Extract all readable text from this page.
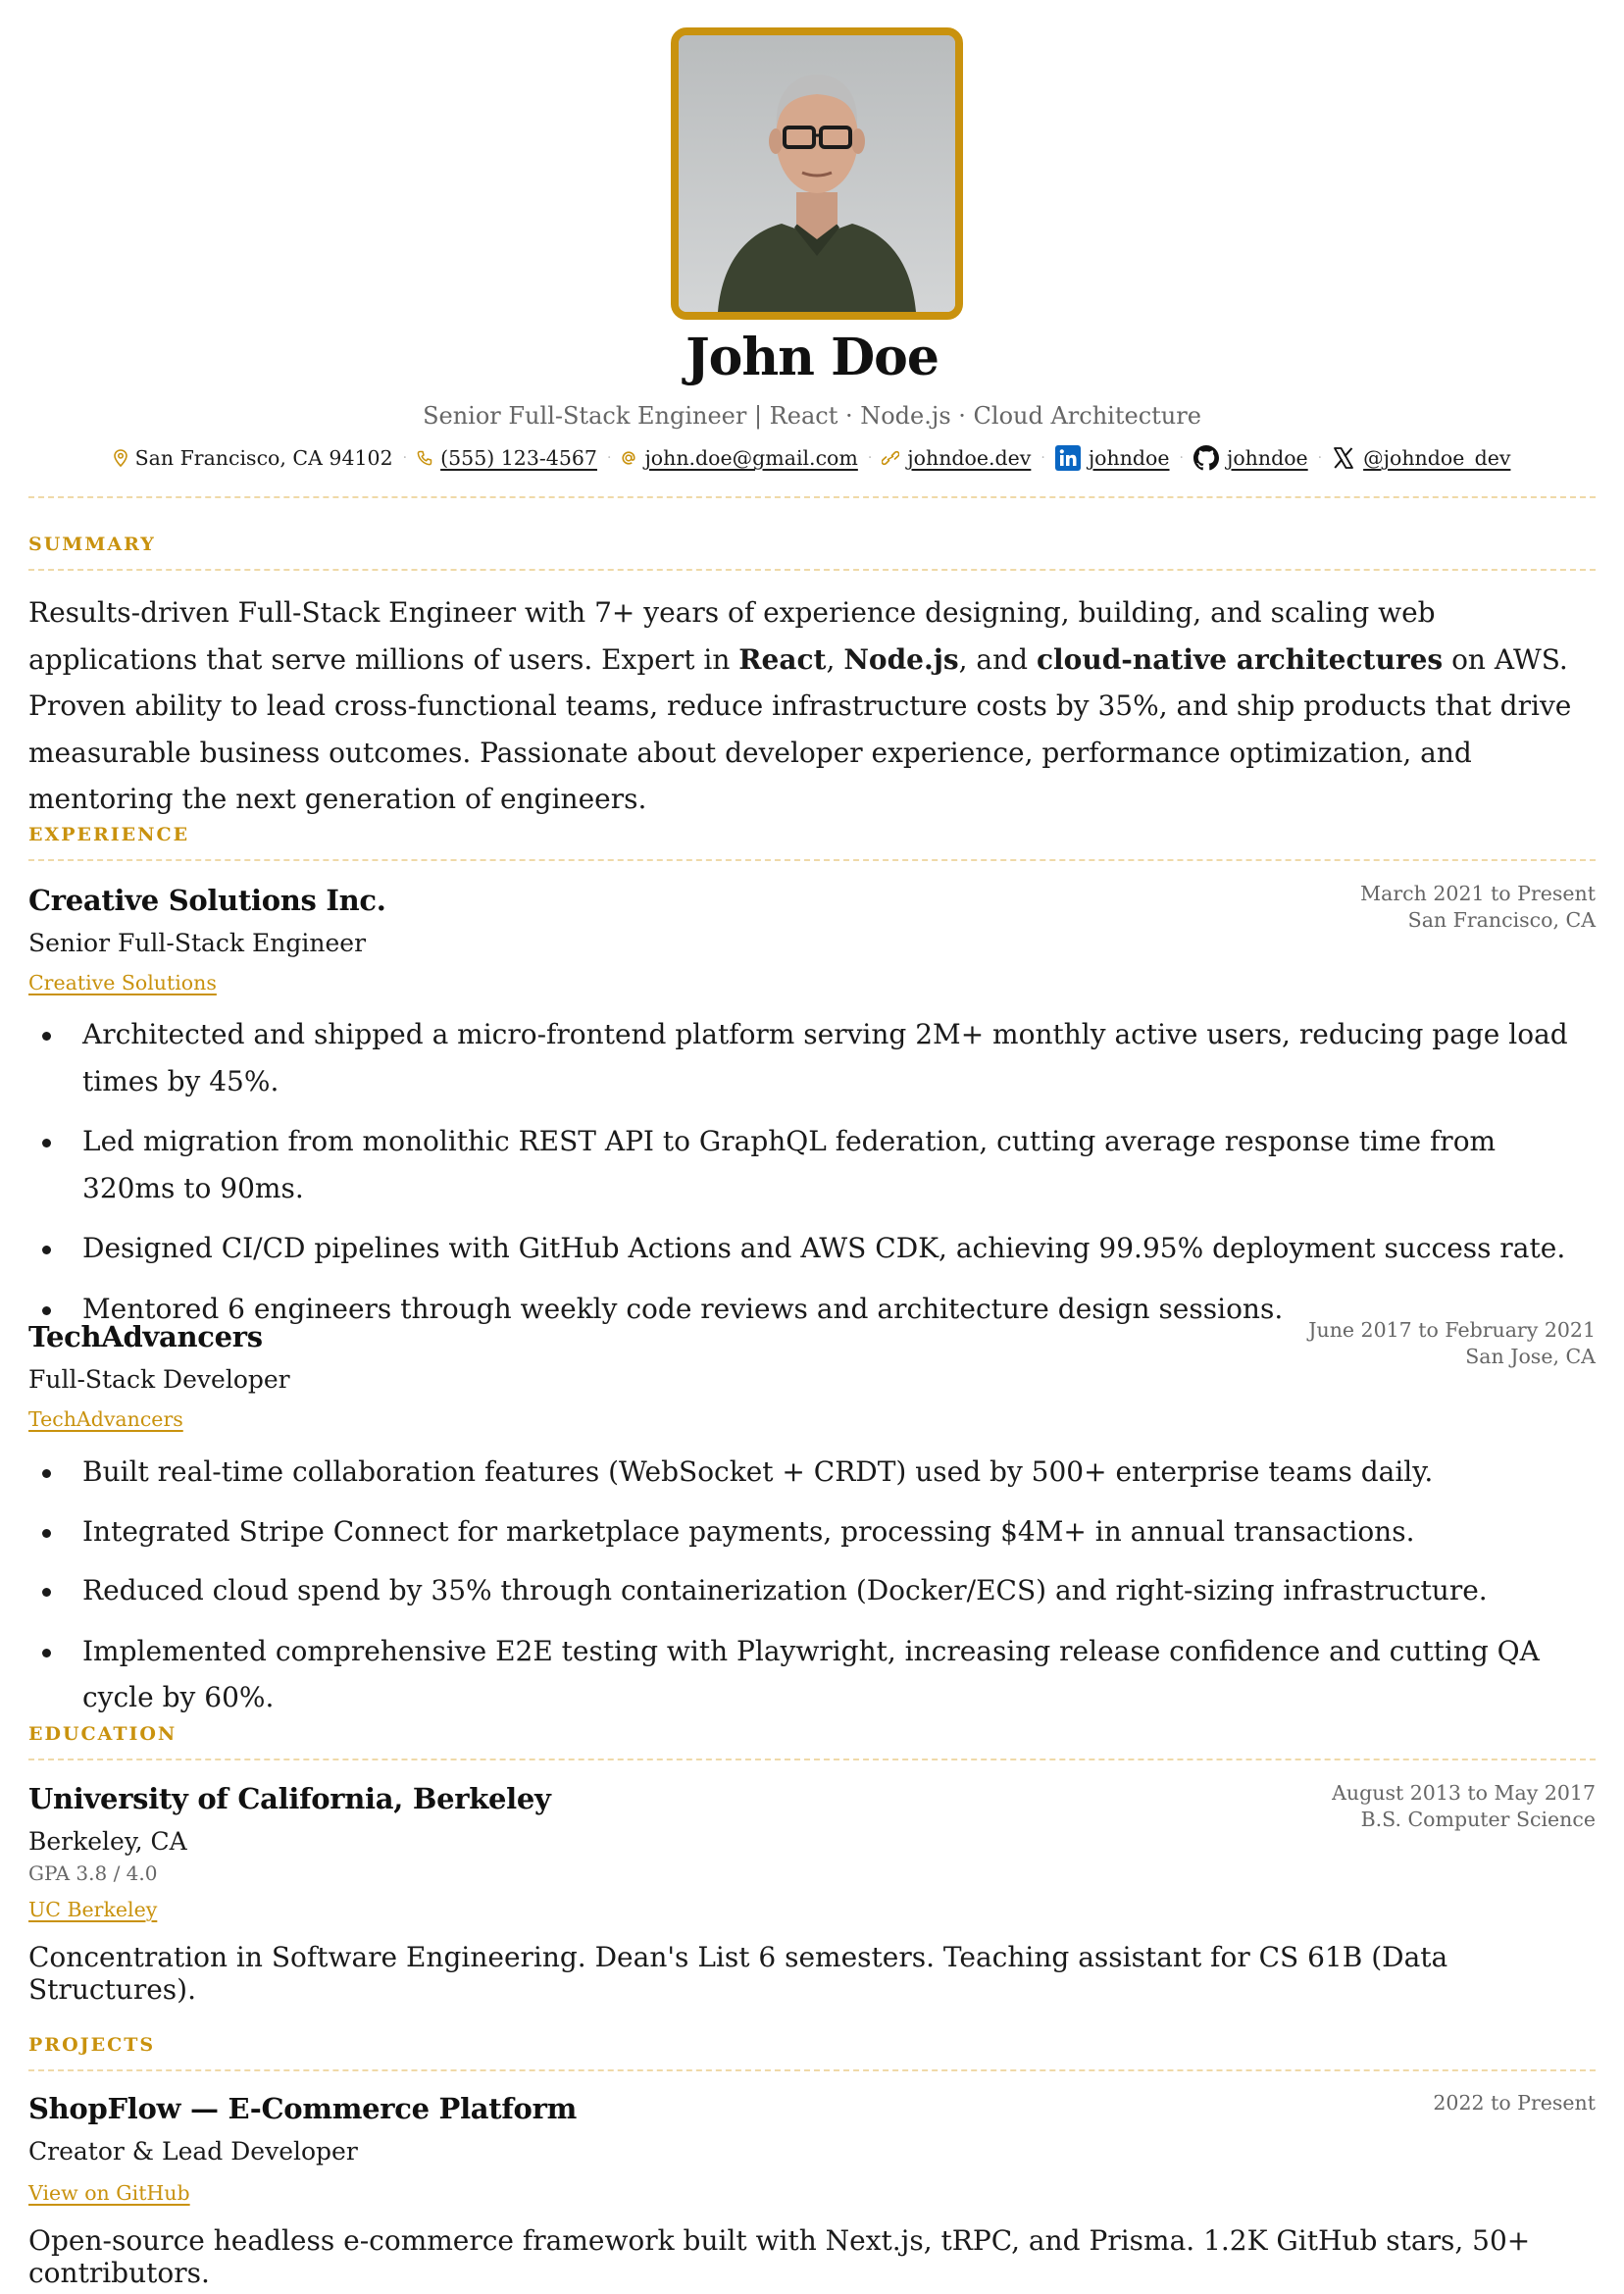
John Doe
Senior Full-Stack Engineer | React · Node.js · Cloud Architecture
San Francisco, CA 94102 · (555) 123-4567 · john.doe@gmail.com · johndoe.dev · johndoe · johndoe · @johndoe_dev
SUMMARY
Results-driven Full-Stack Engineer with 7+ years of experience designing, building, and scaling web applications that serve millions of users. Expert in React, Node.js, and cloud-native architectures on AWS. Proven ability to lead cross-functional teams, reduce infrastructure costs by 35%, and ship products that drive measurable business outcomes. Passionate about developer experience, performance optimization, and mentoring the next generation of engineers.
EXPERIENCE
Creative Solutions Inc.	March 2021 to Present
San Francisco, CA
Senior Full-Stack Engineer
Creative Solutions
Architected and shipped a micro-frontend platform serving 2M+ monthly active users, reducing page load times by 45%.
Led migration from monolithic REST API to GraphQL federation, cutting average response time from 320ms to 90ms.
Designed CI/CD pipelines with GitHub Actions and AWS CDK, achieving 99.95% deployment success rate.
Mentored 6 engineers through weekly code reviews and architecture design sessions.
TechAdvancers	June 2017 to February 2021
San Jose, CA
Full-Stack Developer
TechAdvancers
Built real-time collaboration features (WebSocket + CRDT) used by 500+ enterprise teams daily.
Integrated Stripe Connect for marketplace payments, processing $4M+ in annual transactions.
Reduced cloud spend by 35% through containerization (Docker/ECS) and right-sizing infrastructure.
Implemented comprehensive E2E testing with Playwright, increasing release confidence and cutting QA cycle by 60%.
EDUCATION
University of California, Berkeley	August 2013 to May 2017
B.S. Computer Science
Berkeley, CA
GPA 3.8 / 4.0
UC Berkeley
Concentration in Software Engineering. Dean's List 6 semesters. Teaching assistant for CS 61B (Data Structures).
PROJECTS
ShopFlow — E-Commerce Platform	2022 to Present
Creator & Lead Developer
View on GitHub
Open-source headless e-commerce framework built with Next.js, tRPC, and Prisma. 1.2K GitHub stars, 50+ contributors.
